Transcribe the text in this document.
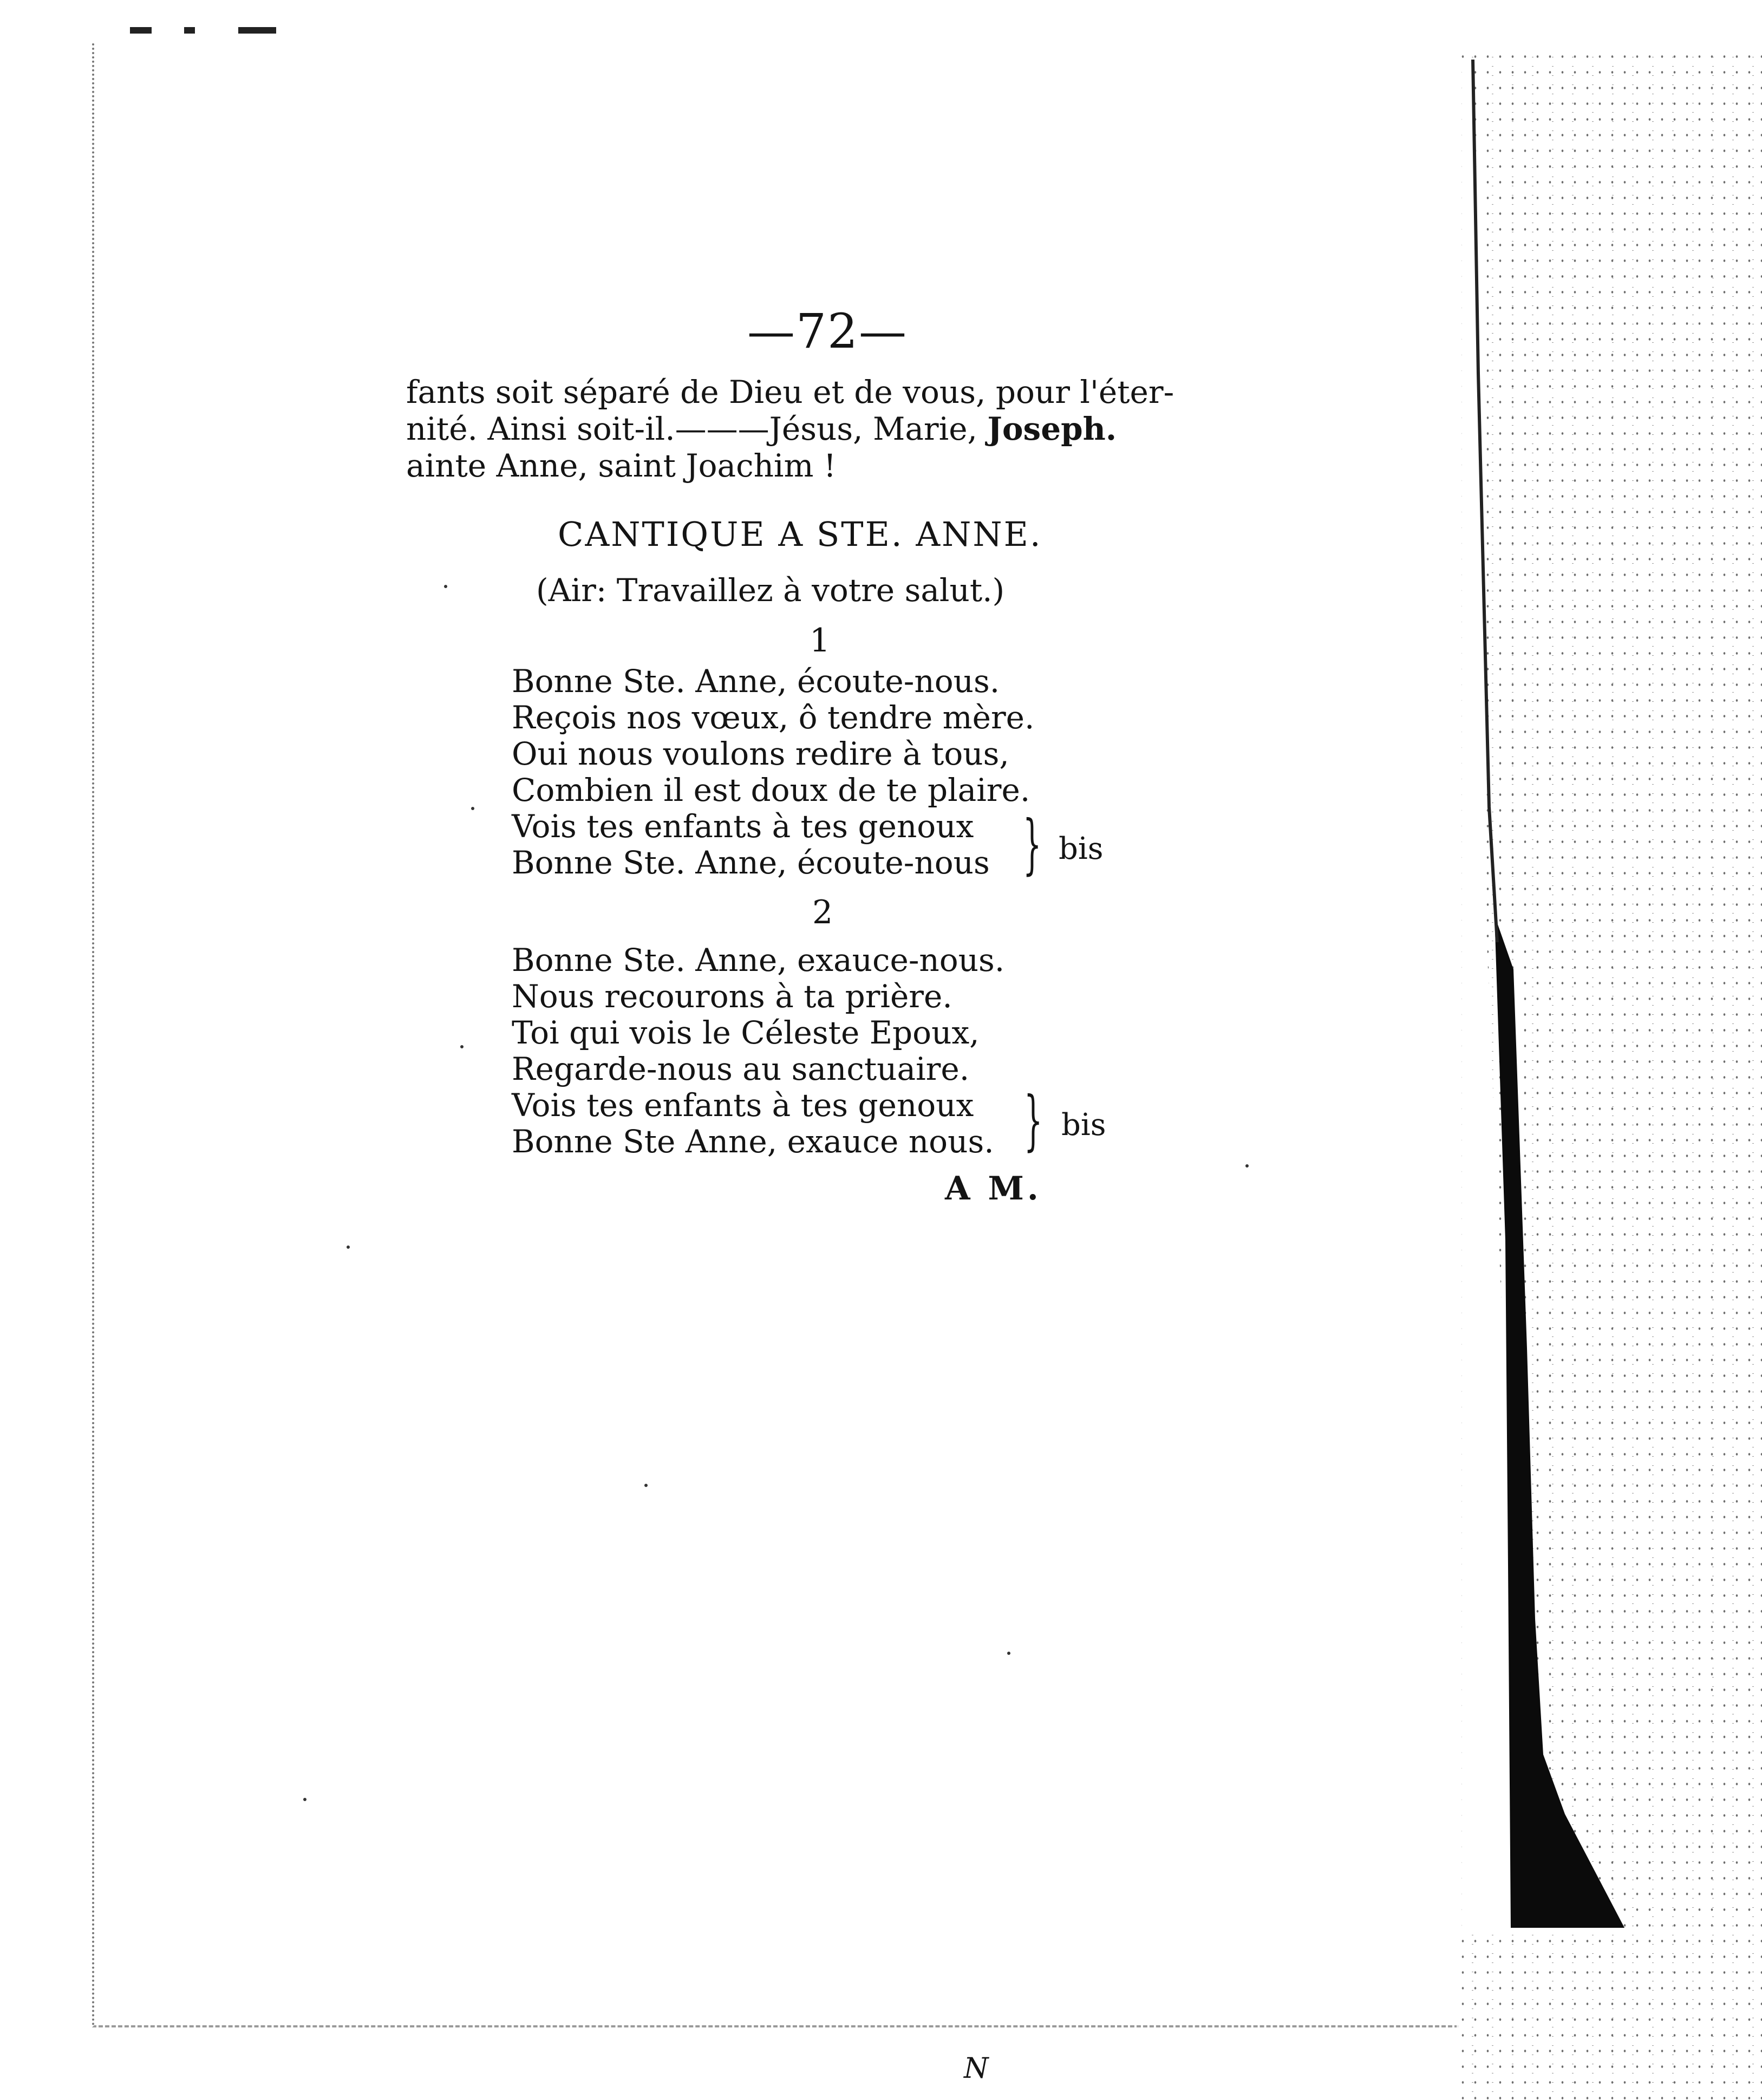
—72—
fants soit séparé de Dieu et de vous, pour l'éter-
nité. Ainsi soit-il.———Jésus, Marie, Joseph.
ainte Anne, saint Joachim !
CANTIQUE A STE. ANNE.
(Air: Travaillez à votre salut.)
1
Bonne Ste. Anne, écoute-nous.
Reçois nos vœux, ô tendre mère.
Oui nous voulons redire à tous,
Combien il est doux de te plaire.
Vois tes enfants à tes genoux
Bonne Ste. Anne, écoute-nous } bis
2
Bonne Ste. Anne, exauce-nous.
Nous recourons à ta prière.
Toi qui vois le Céleste Epoux,
Regarde-nous au sanctuaire.
Vois tes enfants à tes genoux
Bonne Ste Anne, exauce nous. } bis
A M.
N
